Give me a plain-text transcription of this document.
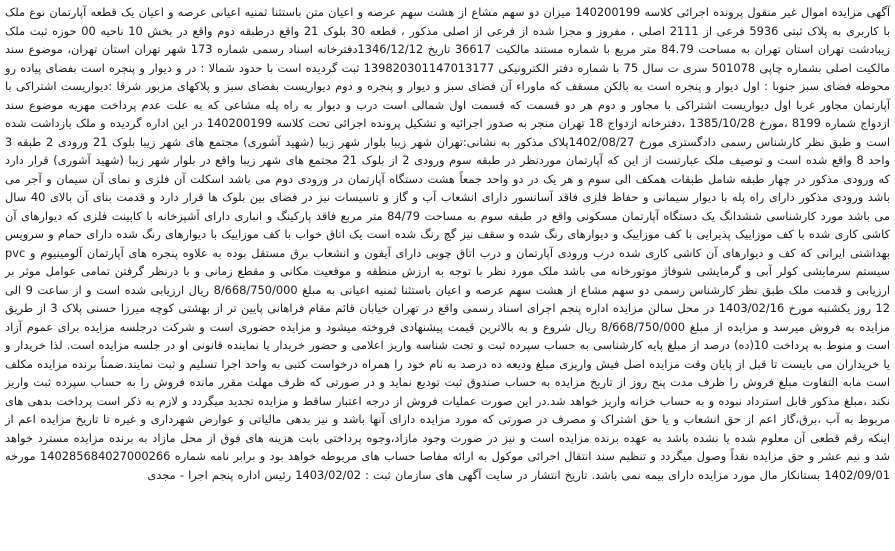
آگهی مزایده اموال غیر منقول پرونده اجرائی کلاسه 140200199 میزان دو سهم مشاع از هشت سهم عرصه و اعیان متن باستثنا ثمنیه اعیانی عرصه و اعیان یک قطعه آپارتمان نوع ملک با کاربری به پلاک ثبتی 5936 فرعی از 2111 اصلی ، مفروز و مجزا شده از فرعی از اصلی مذکور ، قطعه 30 بلوک 21 واقع درطبقه دوم واقع در بخش 10 ناحیه 00 حوزه ثبت ملک زیبادشت تهران استان تهران به مساحت 84.79 متر مربع با شماره مستند مالکیت 36617 تاریخ 1346/12/12دفترخانه اسناد رسمی شماره 173 شهر تهران استان تهران، موضوع سند مالکیت اصلی بشماره چاپی 501078 سری ت سال 75 با شماره دفتر الکترونیکی 13982030114701​3177 ثبت گردیده است با حدود شمالا : در و دیوار و پنجره است بفضای پیاده رو محوطه فضای سبز جنوبا : اول دیوار و پنجره است به بالکن مسقف که ماوراء آن فضای سبز و دیوار و پنجره و دوم دیواریست بفضای سبز و پلاکهای مزبور شرقا :دیواریست اشتراکی با آپارتمان مجاور غربا اول دیواریست اشتراکی با مجاور و دوم هر دو قسمت که قسمت اول شمالی است درب و دیوار به راه پله مشاعی که به علت عدم پرداخت مهریه موضوع سند ازدواج شماره 8199 ،مورخ 1385/10/28 ،دفترخانه ازدواج 18 تهران منجر به صدور اجرائیه و تشکیل پرونده اجرائی تحت کلاسه 140200199 در این اداره گردیده و ملک بازداشت شده است و طبق نظر کارشناس رسمی دادگستری مورخ 1402/08/27پلاک مذکور به نشانی:تهران شهر زیبا بلوار شهر زیبا (شهید آشوری) مجتمع های شهر زیبا بلوک 21 ورودی 2 طبقه 3 واحد 8 واقع شده است و توصیف ملک عبارتست از این که آپارتمان موردنظر در طبقه سوم ورودی 2 از بلوک 21 مجتمع های شهر زیبا واقع در بلوار شهر زیبا (شهید آشوری) قرار دارد که ورودی مذکور در چهار طبقه شامل طبقات همکف الی سوم و هر یک در دو واحد جمعاً هشت دستگاه آپارتمان در ورودی دوم می باشد اسکلت آن فلزی و نمای آن سیمان و آجر می باشد ورودی مذکور دارای راه پله با دیوار سیمانی و حفاظ فلزی فاقد آسانسور دارای انشعاب آب و گاز و تاسیسات نیز در فضای بین بلوک ها قرار دارد و قدمت بنای آن بالای 40 سال می باشد مورد کارشناسی ششدانگ یک دستگاه آپارتمان مسکونی واقع در طبقه سوم به مساحت 84/79 متر مربع فاقد پارکینگ و انباری دارای آشپزخانه با کابینت فلزی که دیوارهای آن کاشی کاری شده با کف موزاییک پذیرایی با کف موزاییک و دیوارهای رنگ شده و سقف نیز گچ رنگ شده است یک اتاق خواب با کف موزاییک با دیوارهای رنگ شده دارای حمام و سرویس بهداشتی ایرانی که کف و دیوارهای آن کاشی کاری شده درب ورودی آپارتمان و درب اتاق چوبی دارای آیفون و انشعاب برق مستقل بوده به علاوه پنجره های آپارتمان آلومینیوم و pvc سیستم سرمایشی کولر آبی و گرمایشی شوفاژ موتورخانه می باشد ملک مورد نظر با توجه به ارزش منطقه و موقعیت مکانی و مقطع زمانی و با درنظر گرفتن تمامی عوامل موثر بر ارزیابی و قدمت ملک طبق نظر کارشناس رسمی دو سهم مشاع از هشت سهم عرصه و اعیان باستثنا ثمنیه اعیانی به مبلغ 8/668/750/000 ریال ارزیابی شده است و از ساعت 9 الی 12 روز یکشنبه مورخ 1403/02/16 در محل سالن مزایده اداره پنجم اجرای اسناد رسمی واقع در تهران خیابان قائم مقام فراهانی پایین تر از بهشتی کوچه میرزا حسنی پلاک 3 از طریق مزایده به فروش میرسد و مزایده از مبلغ 8/668/750/000 ریال شروع و به بالاترین قیمت پیشنهادی فروخته میشود و مزایده حضوری است و شرکت درجلسه مزایده برای عموم آزاد است و منوط به پرداخت 10(ده) درصد از مبلغ پایه کارشناسی به حساب سپرده ثبت و تحت شناسه واریز اعلامی و حضور خریدار یا نماینده قانونی او در جلسه مزایده است. لذا خریدار و یا خریداران می بایست تا قبل از پایان وقت مزایده اصل فیش واریزی مبلغ ودیعه ده درصد به نام خود را همراه درخواست کتبی به واحد اجرا تسلیم و ثبت نمایند.ضمناً برنده مزایده مکلف است مابه التفاوت مبلغ فروش را ظرف مدت پنج روز از تاریخ مزایده به حساب صندوق ثبت تودیع نماید و در صورتی که ظرف مهلت مقرر مانده فروش را به حساب سپرده ثبت واریز نکند ،مبلغ مذکور قابل استرداد نبوده و به حساب خزانه واریز خواهد شد.در این صورت عملیات فروش از درجه اعتبار ساقط و مزایده تجدید میگردد و لازم به ذکر است پرداخت بدهی های مربوط به آب ،برق،گاز اعم از حق انشعاب و یا حق اشتراک و مصرف در صورتی که مورد مزایده دارای آنها باشد و نیز بدهی مالیاتی و عوارض شهرداری و غیره تا تاریخ مزایده اعم از اینکه رقم قطعی آن معلوم شده یا نشده باشد به عهده برنده مزایده است و نیز در صورت وجود مازاد،وجوه پرداختی بابت هزینه های فوق از محل مازاد به برنده مزایده مسترد خواهد شد و نیم عشر و حق مزایده نقداً وصول میگردد و تنظیم سند انتقال اجرائی موکول به ارائه مفاصا حساب های مربوطه خواهد بود و برابر نامه شماره 140285684027000266 مورخه 1402/09/01 بستانکار مال مورد مزایده دارای بیمه نمی باشد. تاریخ انتشار در سایت آگهی های سازمان ثبت : 1403/02/02 رئیس اداره پنجم اجرا - مجدی
